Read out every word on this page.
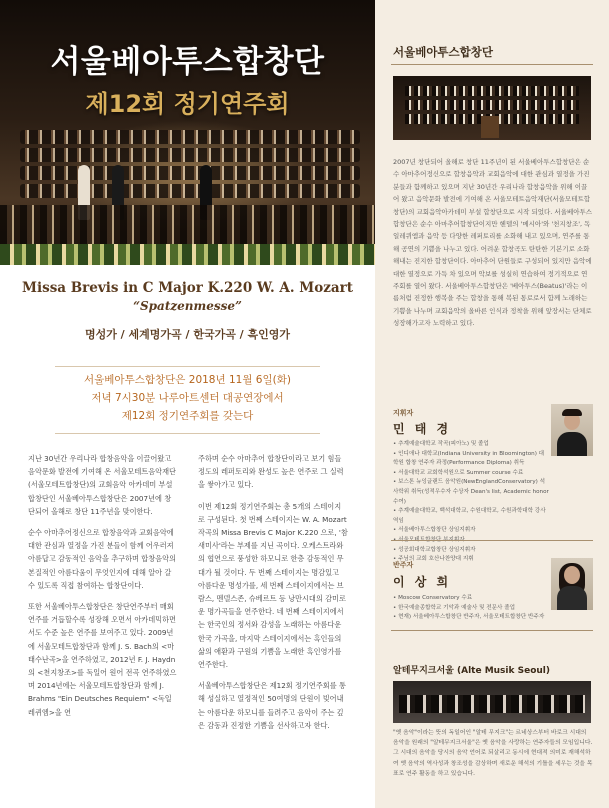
서울베아투스합창단
제12회 정기연주회
Missa Brevis in C Major K.220 W. A. Mozart
“Spatzenmesse”
명성가 / 세계명가곡 / 한국가곡 / 흑인영가
서울베아투스합창단은 2018년 11월 6일(화)
저녁 7시30분 나루아트센터 대공연장에서
제12회 정기연주회를 갖는다

지난 30년간 우리나라 합창음악을 이끌어왔고 음악문화 발전에 기여해 온 서울모테트음악재단(서울모테트합창단)의 교회음악 아카데미 부설 합창단인 서울베아투스합창단은 2007년에 창단되어 올해로 창단 11주년을 맞이한다.

순수 아마추어정신으로 합창음악과 교회음악에 대한 관심과 열정을 가진 분들이 함께 어우러져 아름답고 감동적인 음악을 추구하며 합창음악의 본질적인 아름다움이 무엇인지에 대해 알아 갈 수 있도록 직접 참여하는 합창단이다.

또한 서울베아투스합창단은 창단연주부터 매회 연주를 거듭할수록 성장해 오면서 아카데믹하면서도 수준 높은 연주를 보여주고 있다. 2009년에 서울모테트합창단과 함께 J. S. Bach의 <마태수난곡>을 연주하였고, 2012년 F. J. Haydn의 <천지창조>를 독일어 원어 전곡 연주하였으며 2014년에는 서울모테트합창단과 함께 J. Brahms "Ein Deutsches Requiem" <독일레퀴엠>을 연

주하며 순수 아마추어 합창단이라고 보기 힘들 정도의 레퍼토리와 완성도 높은 연주로 그 실력을 쌓아가고 있다.

이번 제12회 정기연주회는 총 5개의 스테이지로 구성된다. 첫 번째 스테이지는 W. A. Mozart 작곡의 Missa Brevis C Major K.220 으로, '참새미사'라는 부제를 지닌 곡이다. 오케스트라와의 협연으로 풍성한 하모니로 한층 감동적인 무대가 될 것이다. 두 번째 스테이지는 명감있고 아름다운 명성가를, 세 번째 스테이지에서는 브람스, 멘델스존, 슈베르트 등 낭만시대의 감미로운 명가곡들을 연주한다. 네 번째 스테이지에서는 한국인의 정서와 감성을 노래하는 아름다운 한국 가곡을, 마지막 스테이지에서는 흑인들의 삶의 애환과 구원의 기쁨을 노래한 흑인영가를 연주한다.

서울베아투스합창단은 제12회 정기연주회를 통해 성실하고 열정적인 50여명의 단원이 빚어내는 아름다운 하모니를 들려주고 음악이 주는 깊은 감동과 진정한 기쁨을 선사하고자 한다.

서울베아투스합창단
2007년 창단되어 올해로 창단 11주년이 된 서울베아투스합창단은 순수 아마추어정신으로 합창음악과 교회음악에 대한 관심과 열정을 가진 분들과 함께하고 있으며 지난 30년간 우리나라 합창음악을 위해 이끌어 왔고 음악문화 발전에 기여해 온 서울모테트음악재단(서울모테트합창단)의 교회음악아카데미 부설 합창단으로 시작 되었다. 서울베아투스합창단은 순수 아마추어합창단이지만 헨델의 '메시아'와 '천지창조', 독일레퀴엠과 음악 등 다양한 레퍼토리를 소화해 내고 있으며, 연주를 통해 공연의 기쁨을 나누고 있다. 어려운 합창곡도 탄탄한 기본기로 소화해내는 진지한 합창단이다. 아마추어 단원들로 구성되어 있지만 음악에 대한 열정으로 가득 차 있으며 악보를 성실히 연습하여 정기적으로 연주회를 열어 왔다. 서울베아투스합창단은 '베아투스(Beatus)'라는 이름처럼 진정한 행복을 주는 합창을 통해 복된 통로로서 함께 노래하는 기쁨을 나누며 교회음악의 올바른 인식과 정착을 위해 앞장서는 단체로 성장해가고자 노력하고 있다.
지휘자
민 태 경
• 추계예술대학교 작곡(피아노) 및 졸업
• 인디애나 대학교(Indiana University in Bloomington) 대학원 합창 연주자 과정(Performance Diploma) 취득
• 서울대학교 교회학석원으로 Summer course 수료
• 보스톤 뉴잉글랜드 음악원(NewEnglandConservatory) 석사학위 취득(성적우수자 수상자 Dean's list, Academic honor 수여)
• 추계예술대학교, 백석대학교, 수원대학교, 수원과학대학 강사역임
• 서울베아투스합창단 상임지휘자
•
• 성공회대학교합창단 상임지휘자
• 주님의 교회 호산나찬양대 지휘
반주자
이 상 희
• Moscow Conservatory 수료
• 한국예술종합학교 기악과 예술사 및 전문사 졸업
• 현재) 서울베아투스합창단 반주자, 서울모테트합창단 반주자
알테무지크서울 (Alte Musik Seoul)
"옛 음악"이라는 뜻의 독일어인 "알테 무지크"는 르네상스부터 바로크 시대의 음악을 원래의 "알테무지크서울"은 옛 음악을 사랑하는 연주자들의 모임입니다. 그 시대의 음악을 당시의 음악 언어로 되살리고 동시에 현대적 의미로 재해석하여 옛 음악의 역사성과 창조성을 감상하며 새로운 해석의 기틀을 세우는 것을 목표로 연주 활동을 하고 있습니다.
